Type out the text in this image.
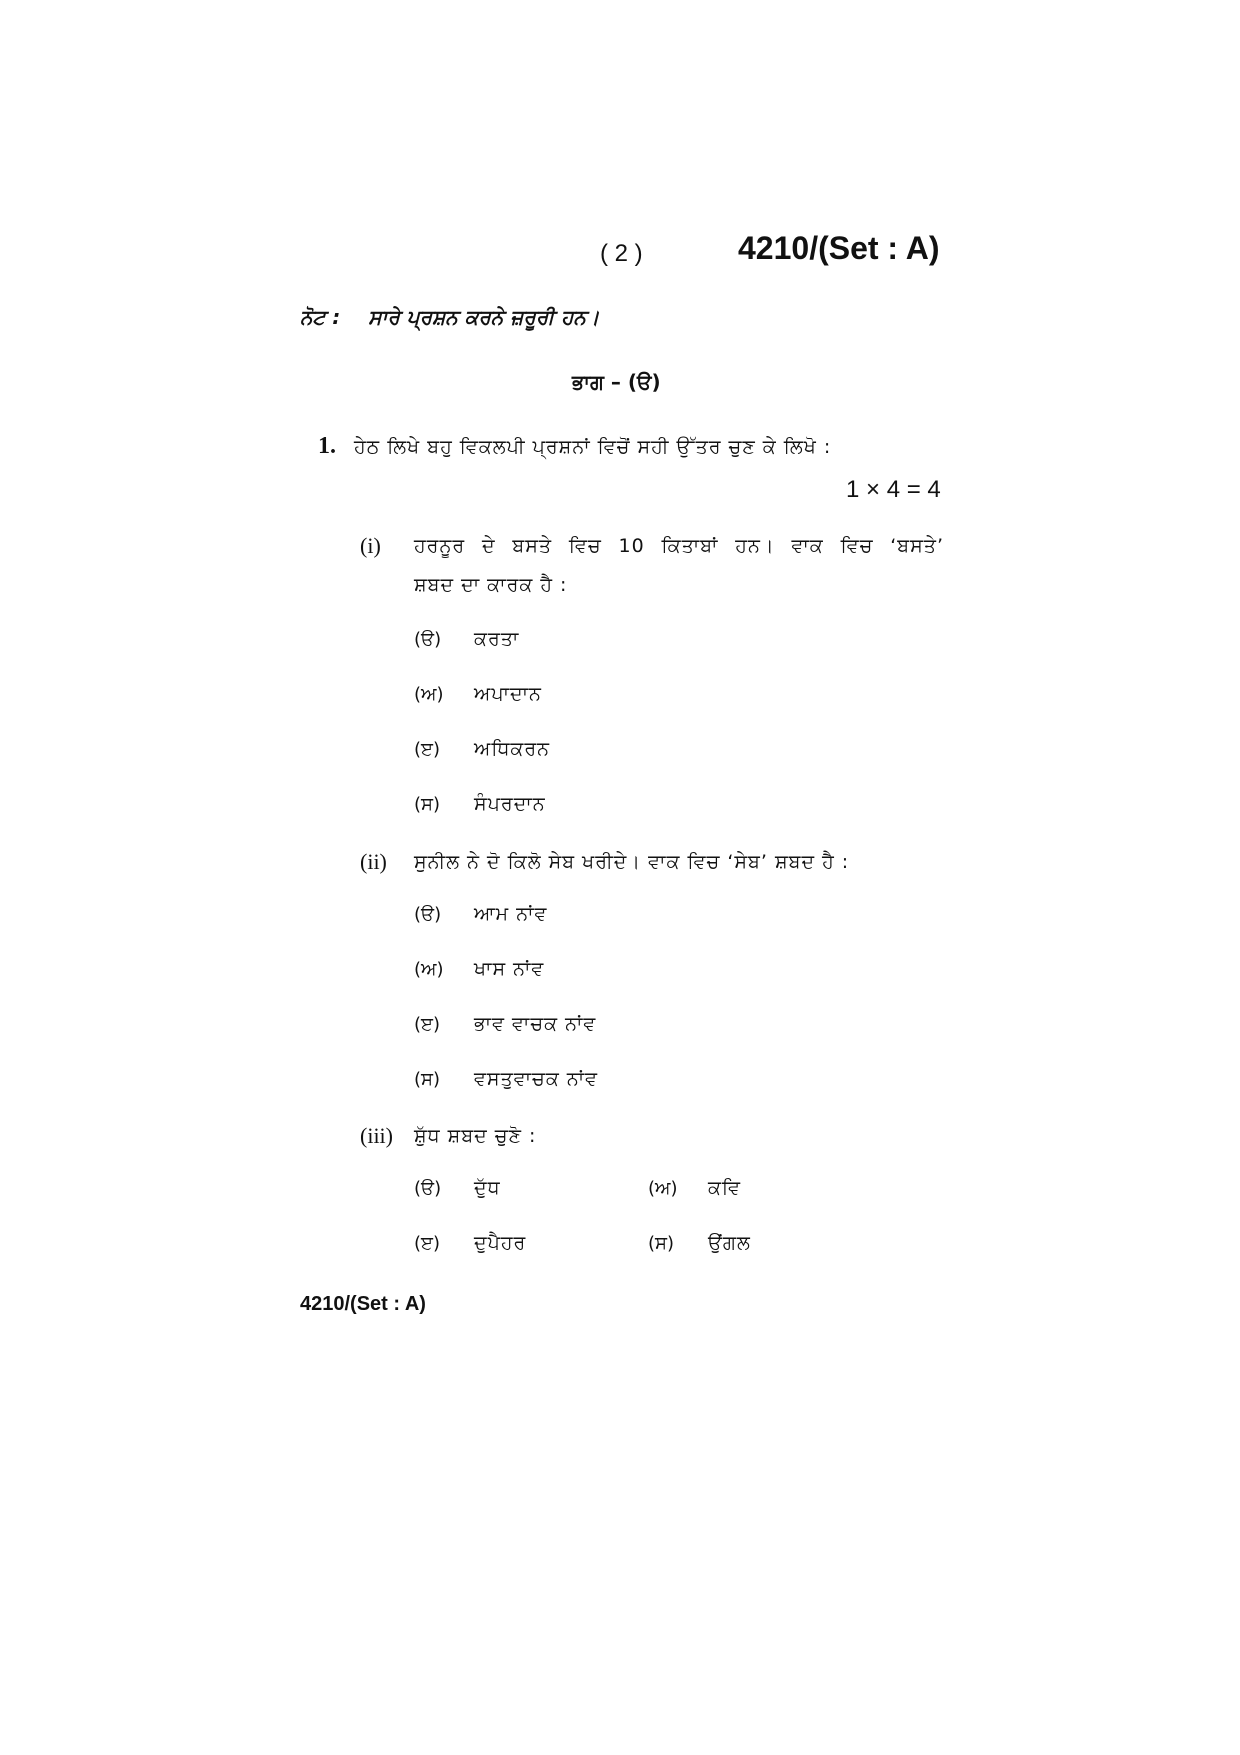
( 2 )	4210/(Set : A)
ਨੋਟ : ਸਾਰੇ ਪ੍ਰਸ਼ਨ ਕਰਨੇ ਜ਼ਰੂਰੀ ਹਨ।
ਭਾਗ – (ੳ)
1. ਹੇਠ ਲਿਖੇ ਬਹੁ ਵਿਕਲਪੀ ਪ੍ਰਸ਼ਨਾਂ ਵਿਚੋਂ ਸਹੀ ਉੱਤਰ ਚੁਣ ਕੇ ਲਿਖੋ :
1 × 4 = 4
(i) ਹਰਨੂਰ ਦੇ ਬਸਤੇ ਵਿਚ 10 ਕਿਤਾਬਾਂ ਹਨ। ਵਾਕ ਵਿਚ ‘ਬਸਤੇ’
ਸ਼ਬਦ ਦਾ ਕਾਰਕ ਹੈ :
(ੳ) ਕਰਤਾ
(ਅ) ਅਪਾਦਾਨ
(ੲ) ਅਧਿਕਰਨ
(ਸ) ਸੰਪਰਦਾਨ
(ii) ਸੁਨੀਲ ਨੇ ਦੋ ਕਿਲੋ ਸੇਬ ਖਰੀਦੇ। ਵਾਕ ਵਿਚ ‘ਸੇਬ’ ਸ਼ਬਦ ਹੈ :
(ੳ) ਆਮ ਨਾਂਵ
(ਅ) ਖਾਸ ਨਾਂਵ
(ੲ) ਭਾਵ ਵਾਚਕ ਨਾਂਵ
(ਸ) ਵਸਤੁਵਾਚਕ ਨਾਂਵ
(iii) ਸ਼ੁੱਧ ਸ਼ਬਦ ਚੁਣੋ :
(ੳ) ਦੁੱਧ	(ਅ) ਕਵਿ
(ੲ) ਦੁਪੈਹਰ	(ਸ) ਉਂਗਲ
4210/(Set : A)
